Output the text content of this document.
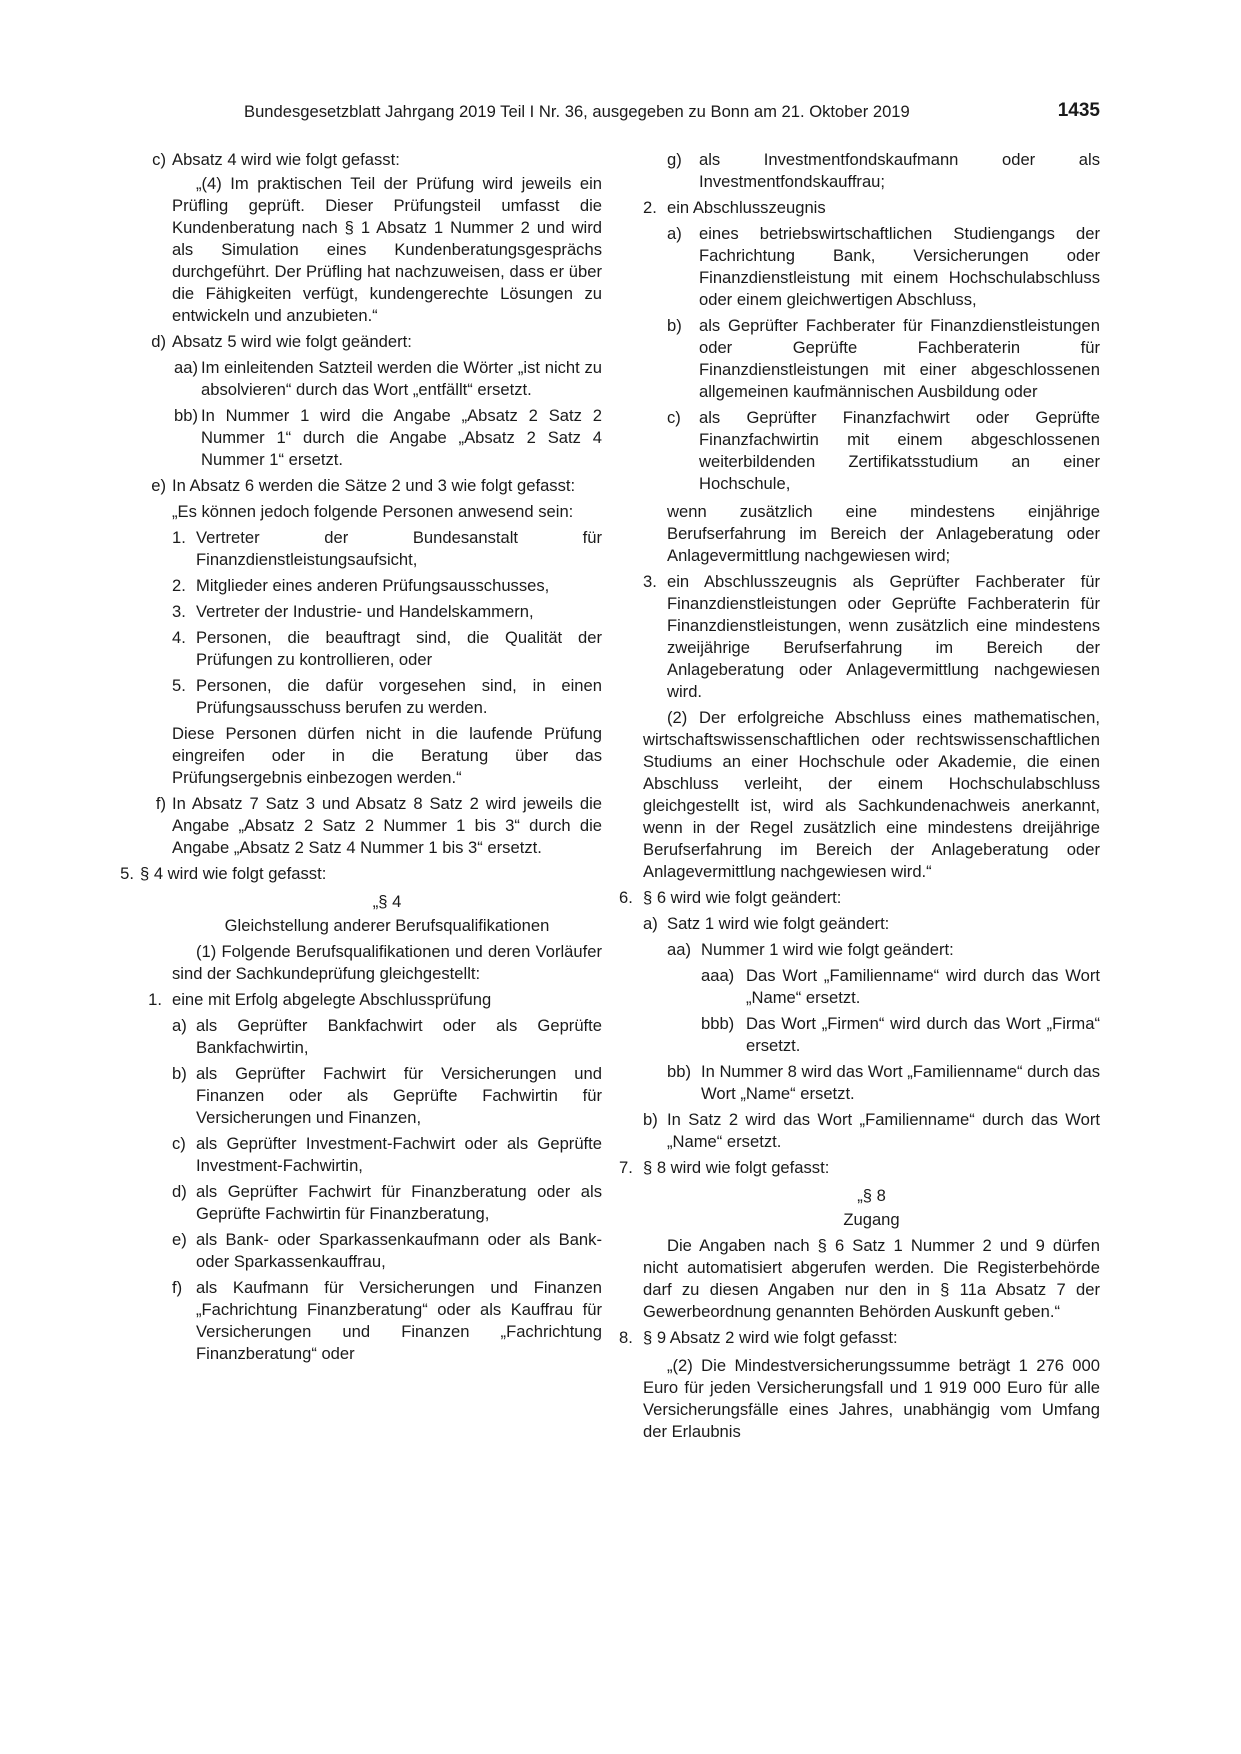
Bundesgesetzblatt Jahrgang 2019 Teil I Nr. 36, ausgegeben zu Bonn am 21. Oktober 2019	1435
c) Absatz 4 wird wie folgt gefasst:
„(4) Im praktischen Teil der Prüfung wird jeweils ein Prüfling geprüft. Dieser Prüfungsteil umfasst die Kundenberatung nach § 1 Absatz 1 Nummer 2 und wird als Simulation eines Kundenberatungsgesprächs durchgeführt. Der Prüfling hat nachzuweisen, dass er über die Fähigkeiten verfügt, kundengerechte Lösungen zu entwickeln und anzubieten.“
d) Absatz 5 wird wie folgt geändert:
aa) Im einleitenden Satzteil werden die Wörter „ist nicht zu absolvieren“ durch das Wort „entfällt“ ersetzt.
bb) In Nummer 1 wird die Angabe „Absatz 2 Satz 2 Nummer 1“ durch die Angabe „Absatz 2 Satz 4 Nummer 1“ ersetzt.
e) In Absatz 6 werden die Sätze 2 und 3 wie folgt gefasst:
„Es können jedoch folgende Personen anwesend sein:
1. Vertreter der Bundesanstalt für Finanzdienstleistungsaufsicht,
2. Mitglieder eines anderen Prüfungsausschusses,
3. Vertreter der Industrie- und Handelskammern,
4. Personen, die beauftragt sind, die Qualität der Prüfungen zu kontrollieren, oder
5. Personen, die dafür vorgesehen sind, in einen Prüfungsausschuss berufen zu werden.
Diese Personen dürfen nicht in die laufende Prüfung eingreifen oder in die Beratung über das Prüfungsergebnis einbezogen werden.“
f) In Absatz 7 Satz 3 und Absatz 8 Satz 2 wird jeweils die Angabe „Absatz 2 Satz 2 Nummer 1 bis 3“ durch die Angabe „Absatz 2 Satz 4 Nummer 1 bis 3“ ersetzt.
5. § 4 wird wie folgt gefasst:
„§ 4
Gleichstellung anderer Berufsqualifikationen
(1) Folgende Berufsqualifikationen und deren Vorläufer sind der Sachkundeprüfung gleichgestellt:
1. eine mit Erfolg abgelegte Abschlussprüfung
a) als Geprüfter Bankfachwirt oder als Geprüfte Bankfachwirtin,
b) als Geprüfter Fachwirt für Versicherungen und Finanzen oder als Geprüfte Fachwirtin für Versicherungen und Finanzen,
c) als Geprüfter Investment-Fachwirt oder als Geprüfte Investment-Fachwirtin,
d) als Geprüfter Fachwirt für Finanzberatung oder als Geprüfte Fachwirtin für Finanzberatung,
e) als Bank- oder Sparkassenkaufmann oder als Bank- oder Sparkassenkauffrau,
f) als Kaufmann für Versicherungen und Finanzen „Fachrichtung Finanzberatung“ oder als Kauffrau für Versicherungen und Finanzen „Fachrichtung Finanzberatung“ oder
g) als Investmentfondskaufmann oder als Investmentfondskauffrau;
2. ein Abschlusszeugnis
a) eines betriebswirtschaftlichen Studiengangs der Fachrichtung Bank, Versicherungen oder Finanzdienstleistung mit einem Hochschulabschluss oder einem gleichwertigen Abschluss,
b) als Geprüfter Fachberater für Finanzdienstleistungen oder Geprüfte Fachberaterin für Finanzdienstleistungen mit einer abgeschlossenen allgemeinen kaufmännischen Ausbildung oder
c) als Geprüfter Finanzfachwirt oder Geprüfte Finanzfachwirtin mit einem abgeschlossenen weiterbildenden Zertifikatsstudium an einer Hochschule,
wenn zusätzlich eine mindestens einjährige Berufserfahrung im Bereich der Anlageberatung oder Anlagevermittlung nachgewiesen wird;
3. ein Abschlusszeugnis als Geprüfter Fachberater für Finanzdienstleistungen oder Geprüfte Fachberaterin für Finanzdienstleistungen, wenn zusätzlich eine mindestens zweijährige Berufserfahrung im Bereich der Anlageberatung oder Anlagevermittlung nachgewiesen wird.
(2) Der erfolgreiche Abschluss eines mathematischen, wirtschaftswissenschaftlichen oder rechtswissenschaftlichen Studiums an einer Hochschule oder Akademie, die einen Abschluss verleiht, der einem Hochschulabschluss gleichgestellt ist, wird als Sachkundenachweis anerkannt, wenn in der Regel zusätzlich eine mindestens dreijährige Berufserfahrung im Bereich der Anlageberatung oder Anlagevermittlung nachgewiesen wird.“
6. § 6 wird wie folgt geändert:
a) Satz 1 wird wie folgt geändert:
aa) Nummer 1 wird wie folgt geändert:
aaa) Das Wort „Familienname“ wird durch das Wort „Name“ ersetzt.
bbb) Das Wort „Firmen“ wird durch das Wort „Firma“ ersetzt.
bb) In Nummer 8 wird das Wort „Familienname“ durch das Wort „Name“ ersetzt.
b) In Satz 2 wird das Wort „Familienname“ durch das Wort „Name“ ersetzt.
7. § 8 wird wie folgt gefasst:
„§ 8
Zugang
Die Angaben nach § 6 Satz 1 Nummer 2 und 9 dürfen nicht automatisiert abgerufen werden. Die Registerbehörde darf zu diesen Angaben nur den in § 11a Absatz 7 der Gewerbeordnung genannten Behörden Auskunft geben.“
8. § 9 Absatz 2 wird wie folgt gefasst:
„(2) Die Mindestversicherungssumme beträgt 1 276 000 Euro für jeden Versicherungsfall und 1 919 000 Euro für alle Versicherungsfälle eines Jahres, unabhängig vom Umfang der Erlaubnis
